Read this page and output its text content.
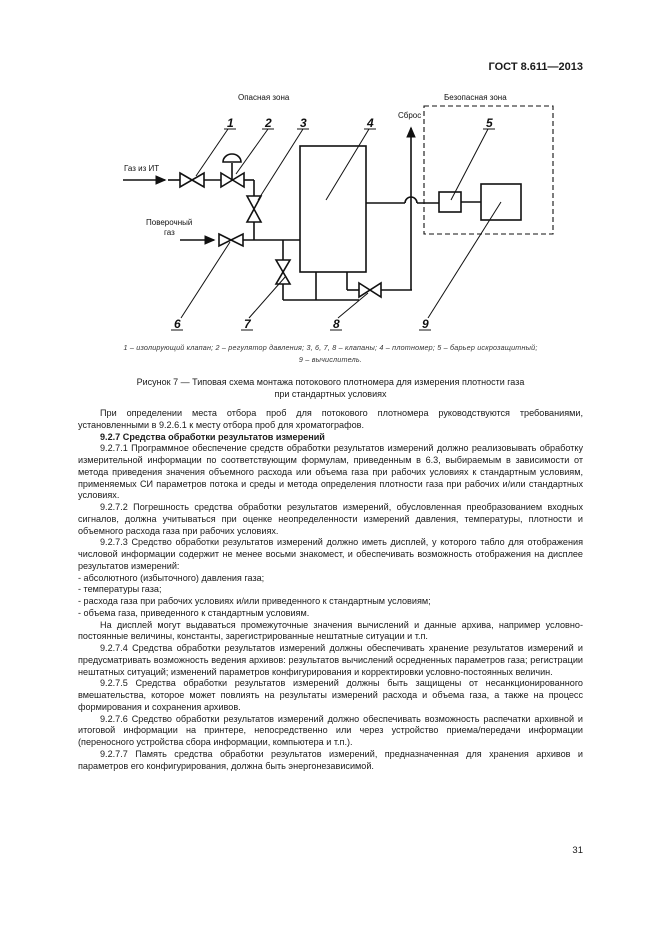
ГОСТ 8.611—2013
Опасная зона	Безопасная зона
Сброс
Газ из ИТ
Поверочный
газ
1	2 3	4	5
6	7	8	9
1 – изолирующий клапан; 2 – регулятор давления; 3, 6, 7, 8 – клапаны; 4 – плотномер; 5 – барьер искрозащитный;
9 – вычислитель.
Рисунок 7 — Типовая схема монтажа потокового плотномера для измерения плотности газа
при стандартных условиях

При определении места отбора проб для потокового плотномера руководствуются требованиями, установленными в 9.2.6.1 к месту отбора проб для хроматографов.

9.2.7 Средства обработки результатов измерений

9.2.7.1 Программное обеспечение средств обработки результатов измерений должно реализовывать обработку измерительной информации по соответствующим формулам, приведенным в 6.3, выбираемым в зависимости от метода приведения значения объемного расхода или объема газа при рабочих условиях к стандартным условиям, применяемых СИ параметров потока и среды и метода определения плотности газа при рабочих и/или стандартных условиях.

9.2.7.2 Погрешность средства обработки результатов измерений, обусловленная преобразованием входных сигналов, должна учитываться при оценке неопределенности измерений давления, температуры, плотности и объемного расхода газа при рабочих условиях.

9.2.7.3 Средство обработки результатов измерений должно иметь дисплей, у которого табло для отображения числовой информации содержит не менее восьми знакомест, и обеспечивать возможность отображения на дисплее результатов измерений:

- абсолютного (избыточного) давления газа;

- температуры газа;

- расхода газа при рабочих условиях и/или приведенного к стандартным условиям;

- объема газа, приведенного к стандартным условиям.

На дисплей могут выдаваться промежуточные значения вычислений и данные архива, например условно-постоянные величины, константы, зарегистрированные нештатные ситуации и т.п.

9.2.7.4 Средства обработки результатов измерений должны обеспечивать хранение результатов измерений и предусматривать возможность ведения архивов: результатов вычислений осредненных параметров газа; регистрации нештатных ситуаций; изменений параметров конфигурирования и корректировки условно-постоянных величин.

9.2.7.5 Средства обработки результатов измерений должны быть защищены от несанкционированного вмешательства, которое может повлиять на результаты измерений расхода и объема газа, а также на процесс формирования и сохранения архивов.

9.2.7.6 Средство обработки результатов измерений должно обеспечивать возможность распечатки архивной и итоговой информации на принтере, непосредственно или через устройство приема/передачи информации (переносного устройства сбора информации, компьютера и т.п.).

9.2.7.7 Память средства обработки результатов измерений, предназначенная для хранения архивов и параметров его конфигурирования, должна быть энергонезависимой.

31
